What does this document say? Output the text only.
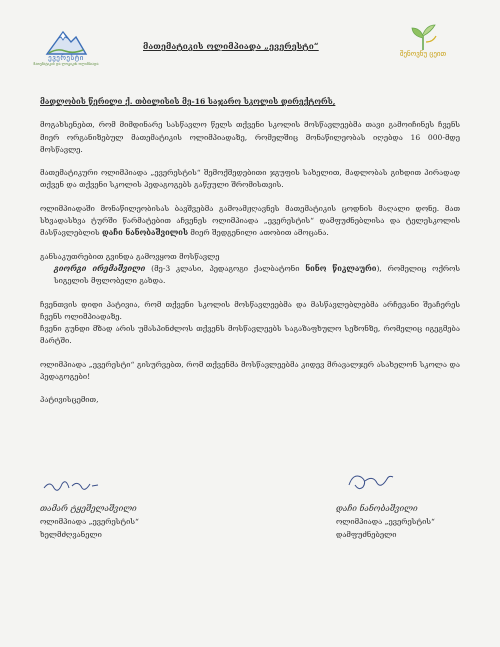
ევერესტი
მათემატიკის და ლოგიკის ოლიმპიადა
მათემატიკის ოლიმპიადა „ევერესტი“
შენოვნუ ცეით

მადლობის წერილი ქ. თბილისის მე-16 საჯარო სკოლის დირექტორს,

მოგახსენებთ, რომ მიმდინარე სასწავლო წელს თქვენი სკოლის მოსწავლეებმა თავი გამოიჩინეს ჩვენს მიერ ორგანიზებულ მათემატიკის ოლიმპიადაზე, რომელშიც მონაწილეობას იღებდა 16 000-მდე მოსწავლე.

მათემატიკური ოლიმპიადა „ევერესტის“ შემოქმედებითი ჯგუფის სახელით, მადლობას გიხდით პირადად თქვენ და თქვენი სკოლის პედაგოგებს გაწეული შრომისთვის.

ოლიმპიადაში მონაწილეობისას ბავშვებმა გამოამჟღავნეს მათემატიკის ცოდნის მაღალი დონე. მათ სხვადასხვა ტურში წარმატებით აჩვენეს ოლიმპიადა „ევერესტის“ დამფუძნებლისა და ტელესკოლის მასწავლებლის დაჩი ნანობაშვილის მიერ შედგენილი ათობით ამოცანა.

განსაკუთრებით გვინდა გამოვყოთ მოსწავლე

გიორგი ირემაშვილი (მე-3 კლასი, პედაგოგი ქალბატონი ნინო წიკლაური), რომელიც ოქროს სიგელის მფლობელი გახდა.

ჩვენთვის დიდი პატივია, რომ თქვენი სკოლის მოსწავლეებმა და მასწავლებლებმა არჩევანი შეაჩერეს ჩვენს ოლიმპიადაზე.

ჩვენი გუნდი მზად არის უმასპინძლოს თქვენს მოსწავლეებს საგაზაფხულო სეზონზე, რომელიც იგეგმება მარტში.

ოლიმპიადა „ევერესტი“ გისურვებთ, რომ თქვენმა მოსწავლეებმა კიდევ მრავალჯერ ასახელონ სკოლა და პედაგოგები!

პატივისცემით,

თამარ ტყეშელაშვილი
ოლიმპიადა „ევერესტის“
ხელმძღვანელი
დაჩი ნანობაშვილი
ოლიმპიადა „ევერესტის“
დამფუძნებელი
